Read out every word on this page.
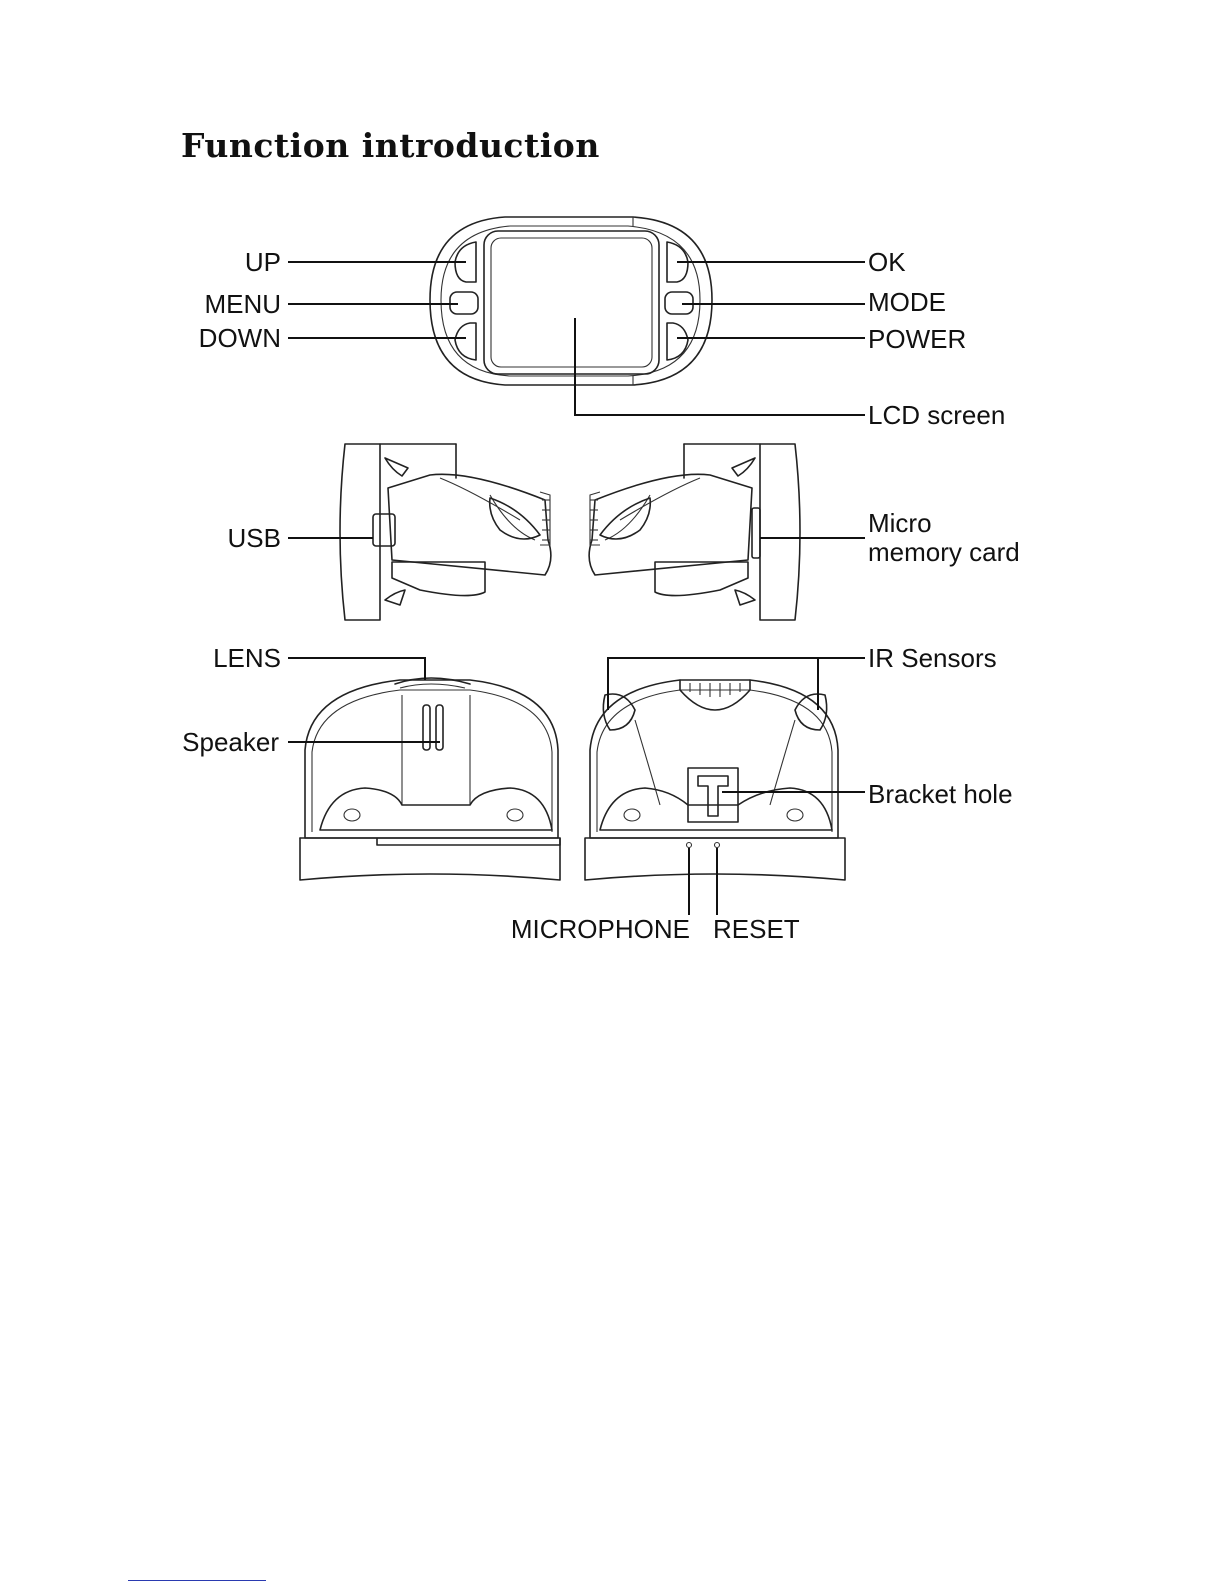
Function introduction
UP
MENU
DOWN
OK
MODE
POWER
LCD screen
USB	Micro
memory card
LENS
Speaker
IR Sensors
Bracket hole
MICROPHONE RESET
